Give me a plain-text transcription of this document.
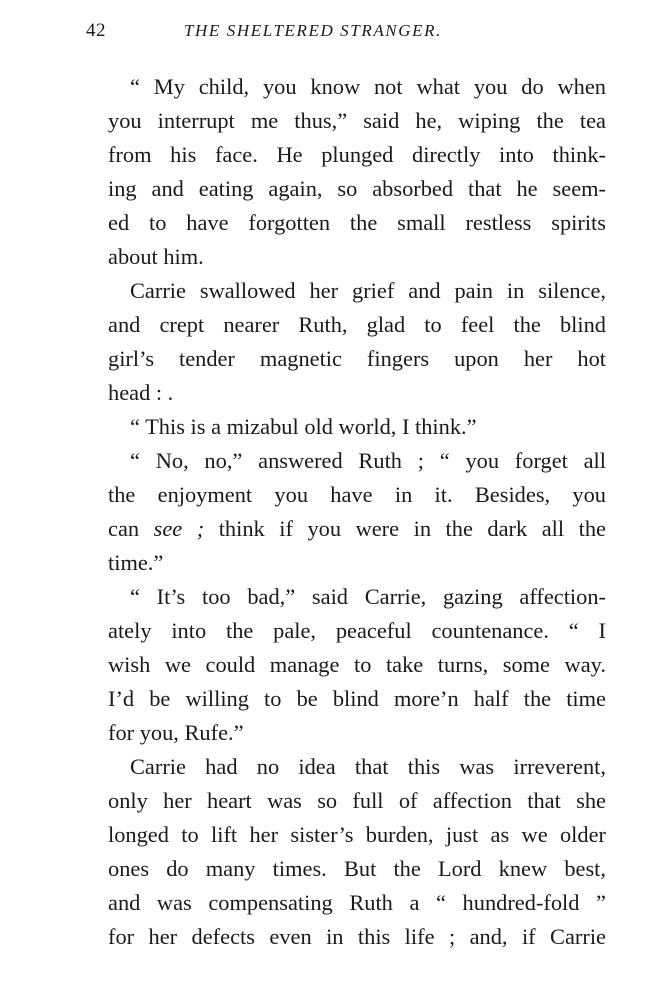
42	THE SHELTERED STRANGER.

“ My child, you know not what you do when
you interrupt me thus,” said he, wiping the tea
from his face. He plunged directly into think-
ing and eating again, so absorbed that he seem-
ed to have forgotten the small restless spirits
about him.

Carrie swallowed her grief and pain in silence,
and crept nearer Ruth, glad to feel the blind
girl’s tender magnetic fingers upon her hot
head : .

“ This is a mizabul old world, I think.”

“ No, no,” answered Ruth ; “ you forget all
the enjoyment you have in it. Besides, you
can see ; think if you were in the dark all the
time.”

“ It’s too bad,” said Carrie, gazing affection-
ately into the pale, peaceful countenance. “ I
wish we could manage to take turns, some way.
I’d be willing to be blind more’n half the time
for you, Rufe.”

Carrie had no idea that this was irreverent,
only her heart was so full of affection that she
longed to lift her sister’s burden, just as we older
ones do many times. But the Lord knew best,
and was compensating Ruth a “ hundred-fold ”
for her defects even in this life ; and, if Carrie
